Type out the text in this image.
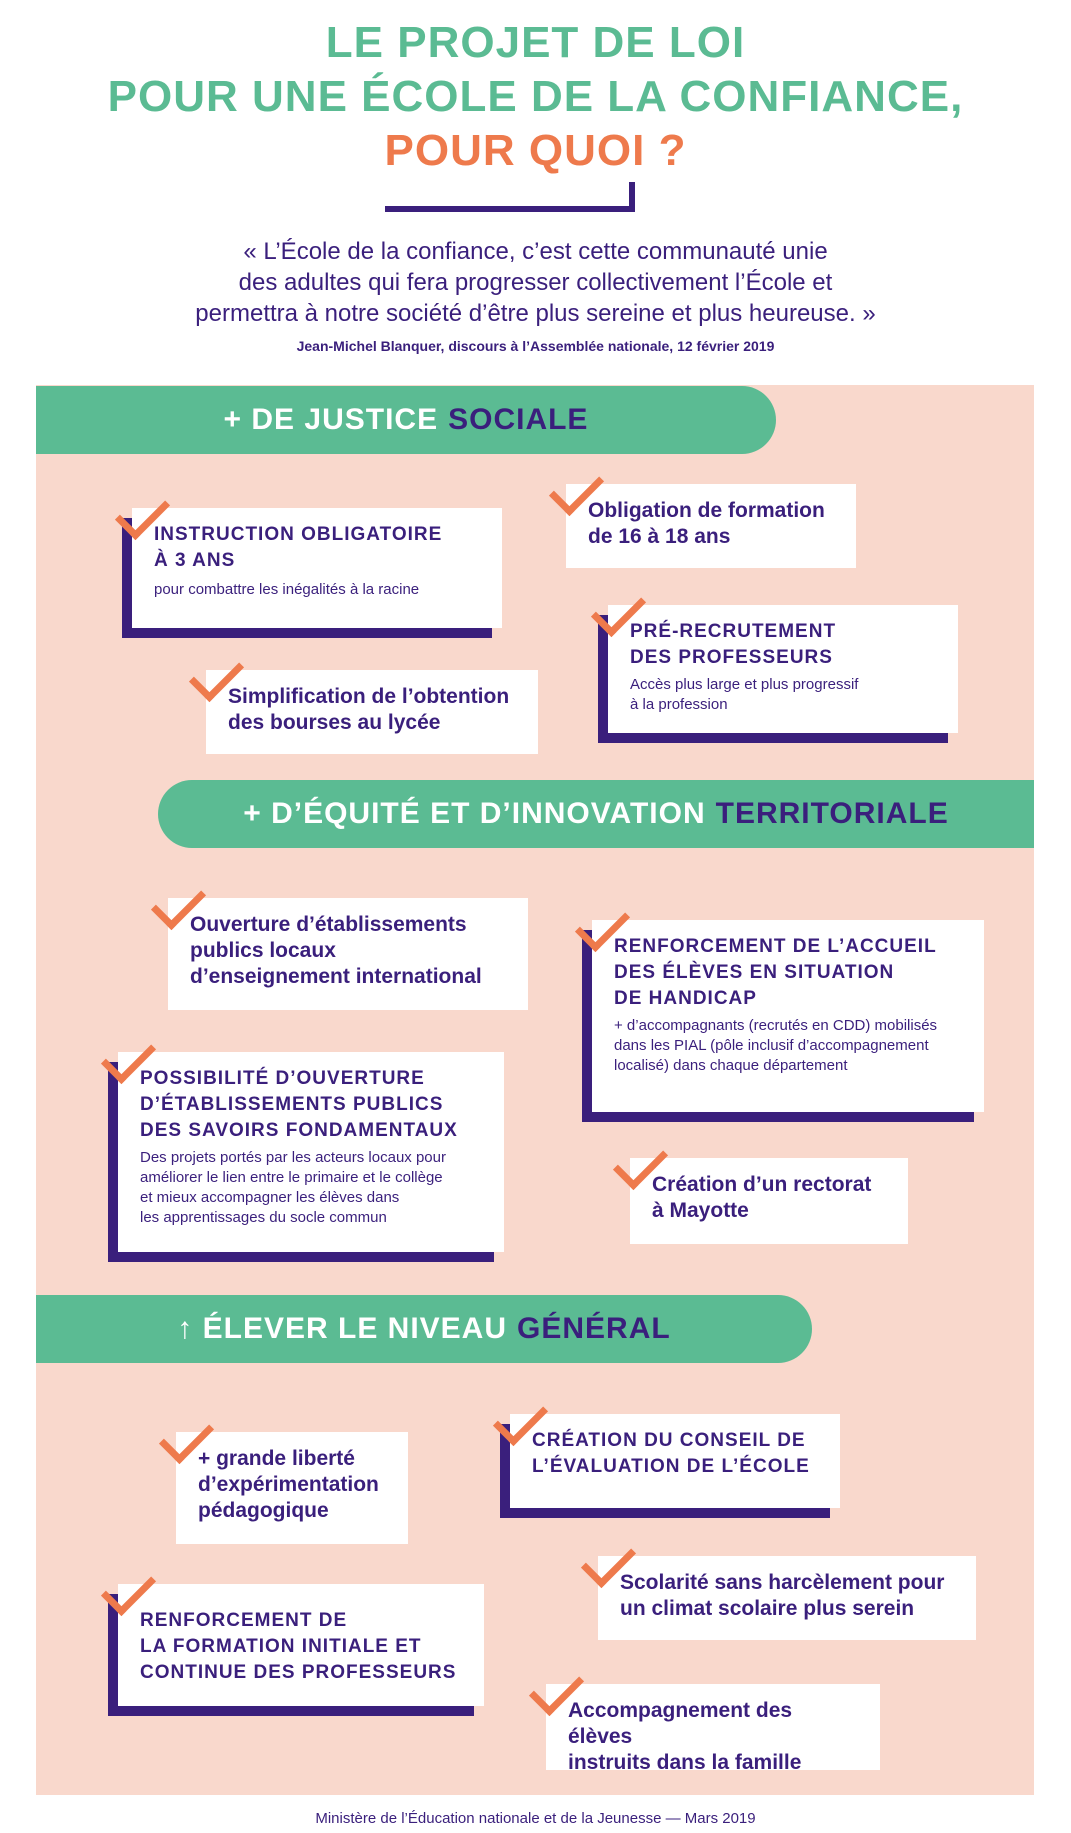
LE PROJET DE LOI
POUR UNE ÉCOLE DE LA CONFIANCE,
POUR QUOI ?
« L’École de la confiance, c’est cette communauté unie
des adultes qui fera progresser collectivement l’École et
permettra à notre société d’être plus sereine et plus heureuse. »
Jean-Michel Blanquer, discours à l’Assemblée nationale, 12 février 2019
+ DE JUSTICE SOCIALE
INSTRUCTION OBLIGATOIRE
À 3 ANS
pour combattre les inégalités à la racine
Obligation de formation
de 16 à 18 ans
PRÉ-RECRUTEMENT
DES PROFESSEURS
Accès plus large et plus progressif
à la profession
Simplification de l’obtention
des bourses au lycée
+ D’ÉQUITÉ ET D’INNOVATION TERRITORIALE
Ouverture d’établissements
publics locaux
d’enseignement international
RENFORCEMENT DE L’ACCUEIL
DES ÉLÈVES EN SITUATION
DE HANDICAP
+ d’accompagnants (recrutés en CDD) mobilisés
dans les PIAL (pôle inclusif d’accompagnement
localisé) dans chaque département
POSSIBILITÉ D’OUVERTURE
D’ÉTABLISSEMENTS PUBLICS
DES SAVOIRS FONDAMENTAUX
Des projets portés par les acteurs locaux pour
améliorer le lien entre le primaire et le collège
et mieux accompagner les élèves dans
les apprentissages du socle commun
Création d’un rectorat
à Mayotte
↑ ÉLEVER LE NIVEAU GÉNÉRAL
+ grande liberté
d’expérimentation
pédagogique
CRÉATION DU CONSEIL DE
L’ÉVALUATION DE L’ÉCOLE
Scolarité sans harcèlement pour
un climat scolaire plus serein
RENFORCEMENT DE
LA FORMATION INITIALE ET
CONTINUE DES PROFESSEURS
Accompagnement des élèves
instruits dans la famille
Ministère de l’Éducation nationale et de la Jeunesse — Mars 2019
